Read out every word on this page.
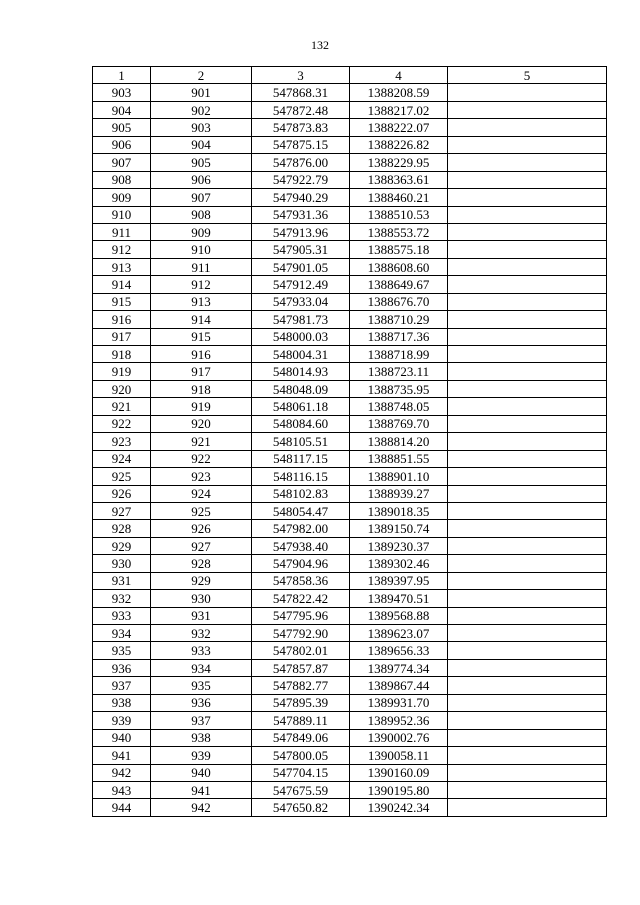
132
1	2	3	4	5
903	901	547868.31	1388208.59	
904	902	547872.48	1388217.02	
905	903	547873.83	1388222.07	
906	904	547875.15	1388226.82	
907	905	547876.00	1388229.95	
908	906	547922.79	1388363.61	
909	907	547940.29	1388460.21	
910	908	547931.36	1388510.53	
911	909	547913.96	1388553.72	
912	910	547905.31	1388575.18	
913	911	547901.05	1388608.60	
914	912	547912.49	1388649.67	
915	913	547933.04	1388676.70	
916	914	547981.73	1388710.29	
917	915	548000.03	1388717.36	
918	916	548004.31	1388718.99	
919	917	548014.93	1388723.11	
920	918	548048.09	1388735.95	
921	919	548061.18	1388748.05	
922	920	548084.60	1388769.70	
923	921	548105.51	1388814.20	
924	922	548117.15	1388851.55	
925	923	548116.15	1388901.10	
926	924	548102.83	1388939.27	
927	925	548054.47	1389018.35	
928	926	547982.00	1389150.74	
929	927	547938.40	1389230.37	
930	928	547904.96	1389302.46	
931	929	547858.36	1389397.95	
932	930	547822.42	1389470.51	
933	931	547795.96	1389568.88	
934	932	547792.90	1389623.07	
935	933	547802.01	1389656.33	
936	934	547857.87	1389774.34	
937	935	547882.77	1389867.44	
938	936	547895.39	1389931.70	
939	937	547889.11	1389952.36	
940	938	547849.06	1390002.76	
941	939	547800.05	1390058.11	
942	940	547704.15	1390160.09	
943	941	547675.59	1390195.80	
944	942	547650.82	1390242.34	
